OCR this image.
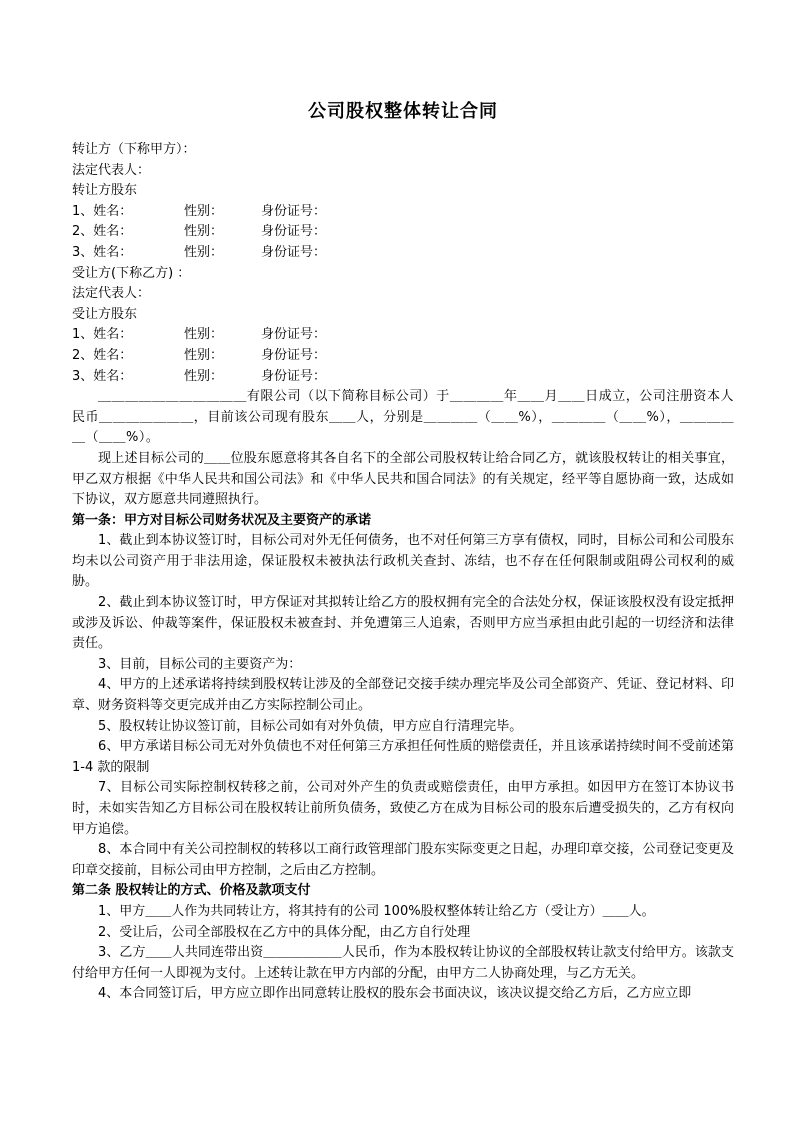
公司股权整体转让合同
转让方（下称甲方）：
法定代表人：
转让方股东
1、姓名：	性别：	身份证号：
2、姓名：	性别：	身份证号：
3、姓名：	性别：	身份证号：
受让方(下称乙方) ：
法定代表人：
受让方股东
1、姓名：	性别：	身份证号：
2、姓名：	性别：	身份证号：
3、姓名：	性别：	身份证号：

＿＿＿＿＿＿＿＿＿＿＿有限公司（以下简称目标公司）于＿＿＿＿年＿＿月＿＿日成立，公司注册资本人民币＿＿＿＿＿＿＿，目前该公司现有股东＿＿人，分别是＿＿＿＿（＿＿%），＿＿＿＿（＿＿%），＿＿＿＿＿（＿＿%）。

现上述目标公司的＿＿位股东愿意将其各自名下的全部公司股权转让给合同乙方，就该股权转让的相关事宜，甲乙双方根据《中华人民共和国公司法》和《中华人民共和国合同法》的有关规定，经平等自愿协商一致，达成如下协议，双方愿意共同遵照执行。

第一条：甲方对目标公司财务状况及主要资产的承诺

1、截止到本协议签订时，目标公司对外无任何债务，也不对任何第三方享有债权，同时，目标公司和公司股东均未以公司资产用于非法用途，保证股权未被执法行政机关查封、冻结，也不存在任何限制或阻碍公司权利的威胁。

2、截止到本协议签订时，甲方保证对其拟转让给乙方的股权拥有完全的合法处分权，保证该股权没有设定抵押或涉及诉讼、仲裁等案件，保证股权未被查封、并免遭第三人追索，否则甲方应当承担由此引起的一切经济和法律责任。

3、目前，目标公司的主要资产为：

4、甲方的上述承诺将持续到股权转让涉及的全部登记交接手续办理完毕及公司全部资产、凭证、登记材料、印章、财务资料等交更完成并由乙方实际控制公司止。

5、股权转让协议签订前，目标公司如有对外负债，甲方应自行清理完毕。

6、甲方承诺目标公司无对外负债也不对任何第三方承担任何性质的赔偿责任，并且该承诺持续时间不受前述第 1-4 款的限制

7、目标公司实际控制权转移之前，公司对外产生的负责或赔偿责任，由甲方承担。如因甲方在签订本协议书时，未如实告知乙方目标公司在股权转让前所负债务，致使乙方在成为目标公司的股东后遭受损失的，乙方有权向甲方追偿。

8、本合同中有关公司控制权的转移以工商行政管理部门股东实际变更之日起，办理印章交接，公司登记变更及印章交接前，目标公司由甲方控制，之后由乙方控制。

第二条 股权转让的方式、价格及款项支付

1、甲方＿＿人作为共同转让方，将其持有的公司 100%股权整体转让给乙方（受让方）＿＿人。

2、受让后，公司全部股权在乙方中的具体分配，由乙方自行处理

3、乙方＿＿人共同连带出资＿＿＿＿＿＿人民币，作为本股权转让协议的全部股权转让款支付给甲方。该款支付给甲方任何一人即视为支付。上述转让款在甲方内部的分配，由甲方二人协商处理，与乙方无关。

4、本合同签订后，甲方应立即作出同意转让股权的股东会书面决议，该决议提交给乙方后，乙方应立即
